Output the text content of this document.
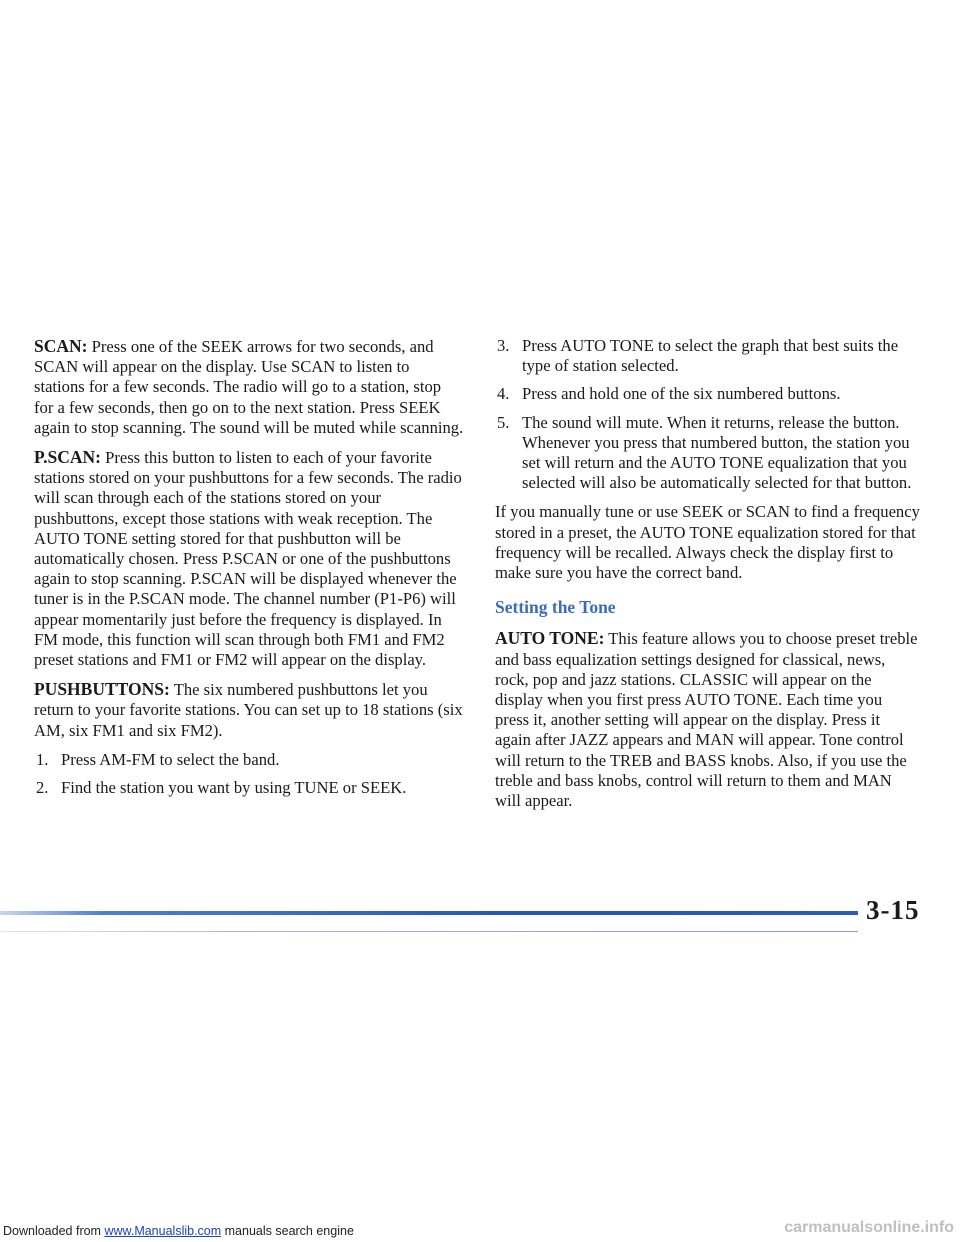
SCAN: Press one of the SEEK arrows for two seconds, and SCAN will appear on the display. Use SCAN to listen to stations for a few seconds. The radio will go to a station, stop for a few seconds, then go on to the next station. Press SEEK again to stop scanning. The sound will be muted while scanning.

P.SCAN: Press this button to listen to each of your favorite stations stored on your pushbuttons for a few seconds. The radio will scan through each of the stations stored on your pushbuttons, except those stations with weak reception. The AUTO TONE setting stored for that pushbutton will be automatically chosen. Press P.SCAN or one of the pushbuttons again to stop scanning. P.SCAN will be displayed whenever the tuner is in the P.SCAN mode. The channel number (P1-P6) will appear momentarily just before the frequency is displayed. In FM mode, this function will scan through both FM1 and FM2 preset stations and FM1 or FM2 will appear on the display.

PUSHBUTTONS: The six numbered pushbuttons let you return to your favorite stations. You can set up to 18 stations (six AM, six FM1 and six FM2).

1. Press AM-FM to select the band.
2. Find the station you want by using TUNE or SEEK.
3. Press AUTO TONE to select the graph that best suits the type of station selected.
4. Press and hold one of the six numbered buttons.
5. The sound will mute. When it returns, release the button. Whenever you press that numbered button, the station you set will return and the AUTO TONE equalization that you selected will also be automatically selected for that button.

If you manually tune or use SEEK or SCAN to find a frequency stored in a preset, the AUTO TONE equalization stored for that frequency will be recalled. Always check the display first to make sure you have the correct band.

Setting the Tone

AUTO TONE: This feature allows you to choose preset treble and bass equalization settings designed for classical, news, rock, pop and jazz stations. CLASSIC will appear on the display when you first press AUTO TONE. Each time you press it, another setting will appear on the display. Press it again after JAZZ appears and MAN will appear. Tone control will return to the TREB and BASS knobs. Also, if you use the treble and bass knobs, control will return to them and MAN will appear.

3-15
Downloaded from www.Manualslib.com manuals search engine	carmanualsonline.info
